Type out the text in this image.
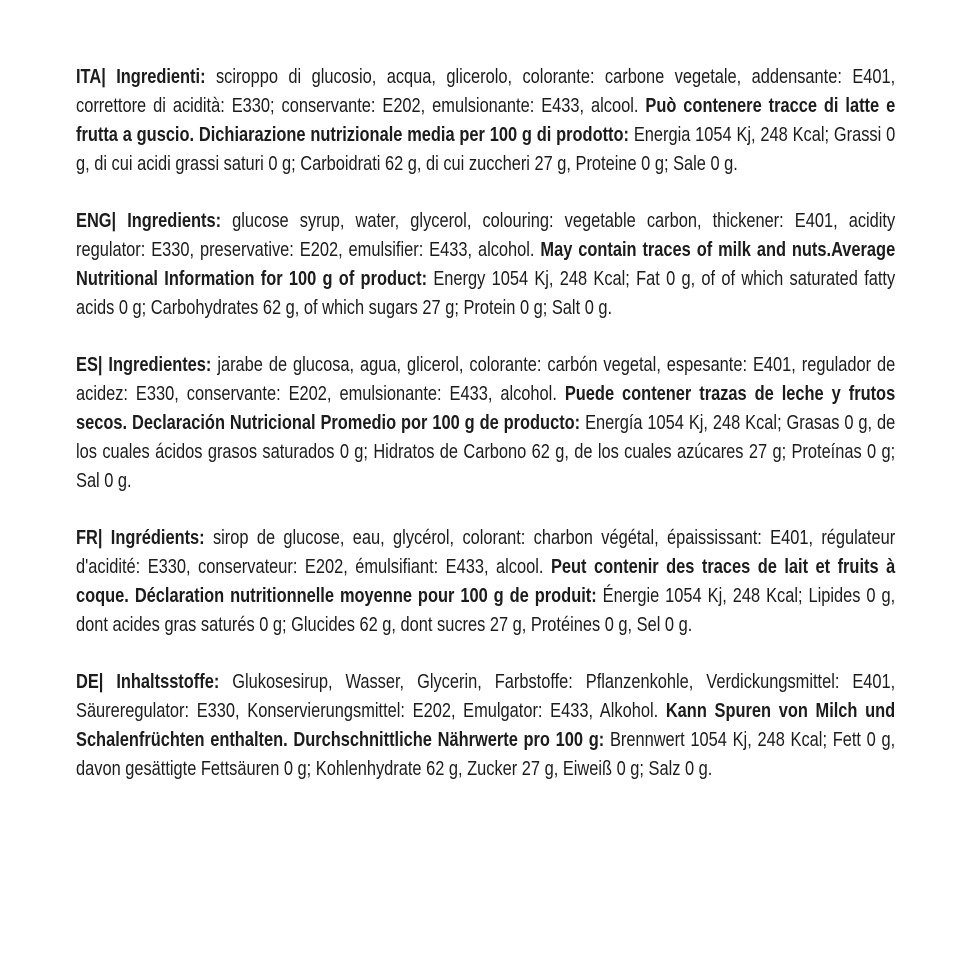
ITA| Ingredienti: sciroppo di glucosio, acqua, glicerolo, colorante: carbone vegetale, addensante: E401, correttore di acidità: E330; conservante: E202, emulsionante: E433, alcool. Può contenere tracce di latte e frutta a guscio. Dichiarazione nutrizionale media per 100 g di prodotto: Energia 1054 Kj, 248 Kcal; Grassi 0 g, di cui acidi grassi saturi 0 g; Carboidrati 62 g, di cui zuccheri 27 g, Proteine 0 g; Sale 0 g.

ENG| Ingredients: glucose syrup, water, glycerol, colouring: vegetable carbon, thickener: E401, acidity regulator: E330, preservative: E202, emulsifier: E433, alcohol. May contain traces of milk and nuts.Average Nutritional Information for 100 g of product: Energy 1054 Kj, 248 Kcal; Fat 0 g, of of which saturated fatty acids 0 g; Carbohydrates 62 g, of which sugars 27 g; Protein 0 g; Salt 0 g.

ES| Ingredientes: jarabe de glucosa, agua, glicerol, colorante: carbón vegetal, espesante: E401, regulador de acidez: E330, conservante: E202, emulsionante: E433, alcohol. Puede contener trazas de leche y frutos secos. Declaración Nutricional Promedio por 100 g de producto: Energía 1054 Kj, 248 Kcal; Grasas 0 g, de los cuales ácidos grasos saturados 0 g; Hidratos de Carbono 62 g, de los cuales azúcares 27 g; Proteínas 0 g; Sal 0 g.

FR| Ingrédients: sirop de glucose, eau, glycérol, colorant: charbon végétal, épaississant: E401, régulateur d'acidité: E330, conservateur: E202, émulsifiant: E433, alcool. Peut contenir des traces de lait et fruits à coque. Déclaration nutritionnelle moyenne pour 100 g de produit: Énergie 1054 Kj, 248 Kcal; Lipides 0 g, dont acides gras saturés 0 g; Glucides 62 g, dont sucres 27 g, Protéines 0 g, Sel 0 g.

DE| Inhaltsstoffe: Glukosesirup, Wasser, Glycerin, Farbstoffe: Pflanzenkohle, Verdickungsmittel: E401, Säureregulator: E330, Konservierungsmittel: E202, Emulgator: E433, Alkohol. Kann Spuren von Milch und Schalenfrüchten enthalten. Durchschnittliche Nährwerte pro 100 g: Brennwert 1054 Kj, 248 Kcal; Fett 0 g, davon gesättigte Fettsäuren 0 g; Kohlenhydrate 62 g, Zucker 27 g, Eiweiß 0 g; Salz 0 g.
